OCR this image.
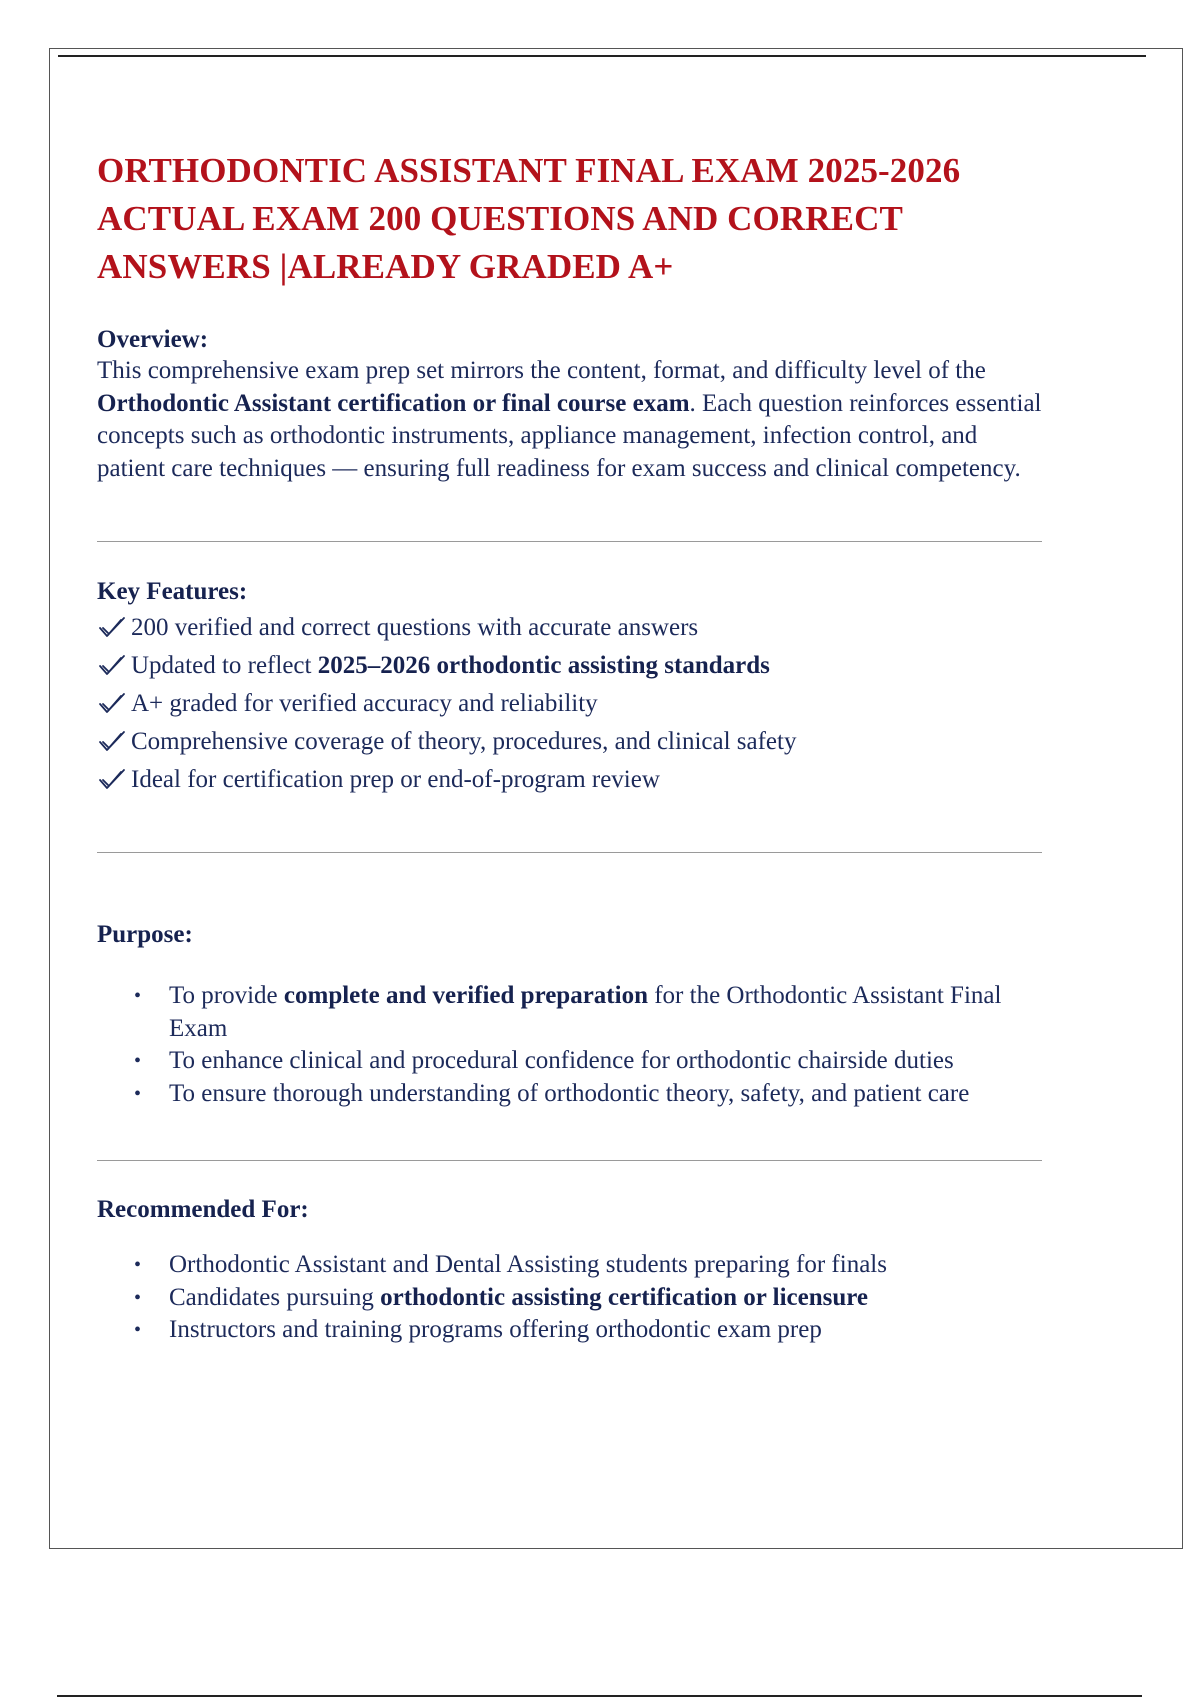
ORTHODONTIC ASSISTANT FINAL EXAM 2025-2026 ACTUAL EXAM 200 QUESTIONS AND CORRECT ANSWERS |ALREADY GRADED A+
Overview:
This comprehensive exam prep set mirrors the content, format, and difficulty level of the Orthodontic Assistant certification or final course exam. Each question reinforces essential concepts such as orthodontic instruments, appliance management, infection control, and patient care techniques — ensuring full readiness for exam success and clinical competency.
Key Features:
200 verified and correct questions with accurate answers
Updated to reflect 2025–2026 orthodontic assisting standards
A+ graded for verified accuracy and reliability
Comprehensive coverage of theory, procedures, and clinical safety
Ideal for certification prep or end-of-program review
Purpose:
• To provide complete and verified preparation for the Orthodontic Assistant Final Exam
• To enhance clinical and procedural confidence for orthodontic chairside duties
• To ensure thorough understanding of orthodontic theory, safety, and patient care
Recommended For:
• Orthodontic Assistant and Dental Assisting students preparing for finals
• Candidates pursuing orthodontic assisting certification or licensure
• Instructors and training programs offering orthodontic exam prep
